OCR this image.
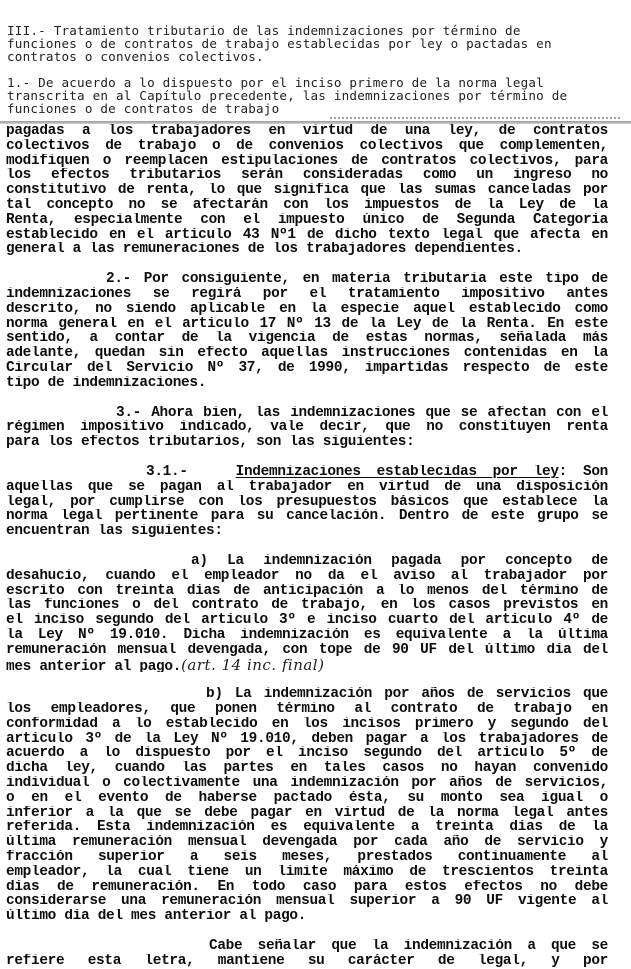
III.- Tratamiento tributario de las indemnizaciones por término de
funciones o de contratos de trabajo establecidas por ley o pactadas en
contratos o convenios colectivos.
1.- De acuerdo a lo dispuesto por el inciso primero de la norma legal
transcrita en al Capítulo precedente, las indemnizaciones por término de
funciones o de contratos de trabajo
pagadas a los trabajadores en virtud de una ley, de contratos
colectivos de trabajo o de convenios colectivos que complementen,
modifiquen o reemplacen estipulaciones de contratos colectivos, para
los efectos tributarios serán consideradas como un ingreso no
constitutivo de renta, lo que significa que las sumas canceladas por
tal concepto no se afectarán con los impuestos de la Ley de la
Renta, especialmente con el impuesto único de Segunda Categoría
establecido en el artículo 43 Nº1 de dicho texto legal que afecta en
general a las remuneraciones de los trabajadores dependientes.
2.- Por consiguiente, en materia tributaria este tipo de
indemnizaciones se regirá por el tratamiento impositivo antes
descrito, no siendo aplicable en la especie aquel establecido como
norma general en el artículo 17 Nº 13 de la Ley de la Renta. En este
sentido, a contar de la vigencia de estas normas, señalada más
adelante, quedan sin efecto aquellas instrucciones contenidas en la
Circular del Servicio Nº 37, de 1990, impartidas respecto de este
tipo de indemnizaciones.
3.- Ahora bien, las indemnizaciones que se afectan con el
régimen impositivo indicado, vale decir, que no constituyen renta
para los efectos tributarios, son las siguientes:
3.1.-	Indemnizaciones establecidas por ley: Son
aquellas que se pagan al trabajador en virtud de una disposición
legal, por cumplirse con los presupuestos básicos que establece la
norma legal pertinente para su cancelación. Dentro de este grupo se
encuentran las siguientes:
a) La indemnización pagada por concepto de
desahucio, cuando el empleador no da el aviso al trabajador por
escrito con treinta días de anticipación a lo menos del término de
las funciones o del contrato de trabajo, en los casos previstos en
el inciso segundo del artículo 3º e inciso cuarto del artículo 4º de
la Ley Nº 19.010. Dicha indemnización es equivalente a la última
remuneración mensual devengada, con tope de 90 UF del último día del
mes anterior al pago.(art. 14 inc. final)
b) La indemnización por años de servicios que
los empleadores, que ponen término al contrato de trabajo en
conformidad a lo establecido en los incisos primero y segundo del
artículo 3º de la Ley Nº 19.010, deben pagar a los trabajadores de
acuerdo a lo dispuesto por el inciso segundo del artículo 5º de
dicha ley, cuando las partes en tales casos no hayan convenido
individual o colectivamente una indemnización por años de servicios,
o en el evento de haberse pactado ésta, su monto sea igual o
inferior a la que se debe pagar en virtud de la norma legal antes
referida. Esta indemnización es equivalente a treinta días de la
última remuneración mensual devengada por cada año de servicio y
fracción superior a seis meses, prestados continuamente al
empleador, la cual tiene un límite máximo de trescientos treinta
días de remuneración. En todo caso para estos efectos no debe
considerarse una remuneración mensual superior a 90 UF vigente al
último día del mes anterior al pago.
Cabe señalar que la indemnización a que se
refiere esta letra, mantiene su carácter de legal, y por
